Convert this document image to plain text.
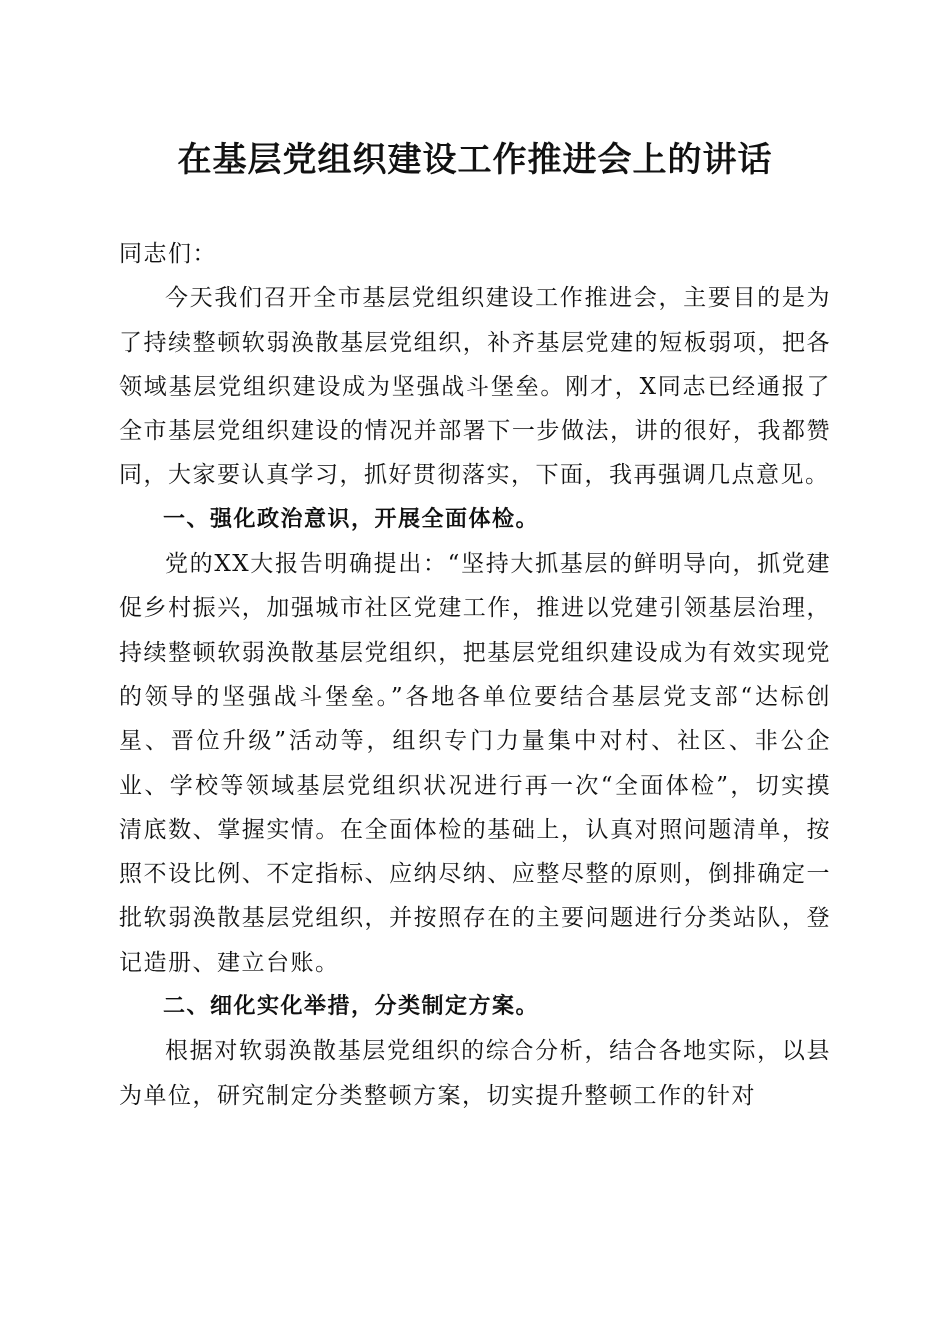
在基层党组织建设工作推进会上的讲话

同志们：

今天我们召开全市基层党组织建设工作推进会，主要目的是为了持续整顿软弱涣散基层党组织，补齐基层党建的短板弱项，把各领域基层党组织建设成为坚强战斗堡垒。刚才，X同志已经通报了全市基层党组织建设的情况并部署下一步做法，讲的很好，我都赞同，大家要认真学习，抓好贯彻落实，下面，我再强调几点意见。

一、强化政治意识，开展全面体检。

党的XX大报告明确提出：“坚持大抓基层的鲜明导向，抓党建促乡村振兴，加强城市社区党建工作，推进以党建引领基层治理，持续整顿软弱涣散基层党组织，把基层党组织建设成为有效实现党的领导的坚强战斗堡垒。”各地各单位要结合基层党支部“达标创星、晋位升级”活动等，组织专门力量集中对村、社区、非公企业、学校等领域基层党组织状况进行再一次“全面体检”，切实摸清底数、掌握实情。在全面体检的基础上，认真对照问题清单，按照不设比例、不定指标、应纳尽纳、应整尽整的原则，倒排确定一批软弱涣散基层党组织，并按照存在的主要问题进行分类站队，登记造册、建立台账。

二、细化实化举措，分类制定方案。

根据对软弱涣散基层党组织的综合分析，结合各地实际，以县为单位，研究制定分类整顿方案，切实提升整顿工作的针对
